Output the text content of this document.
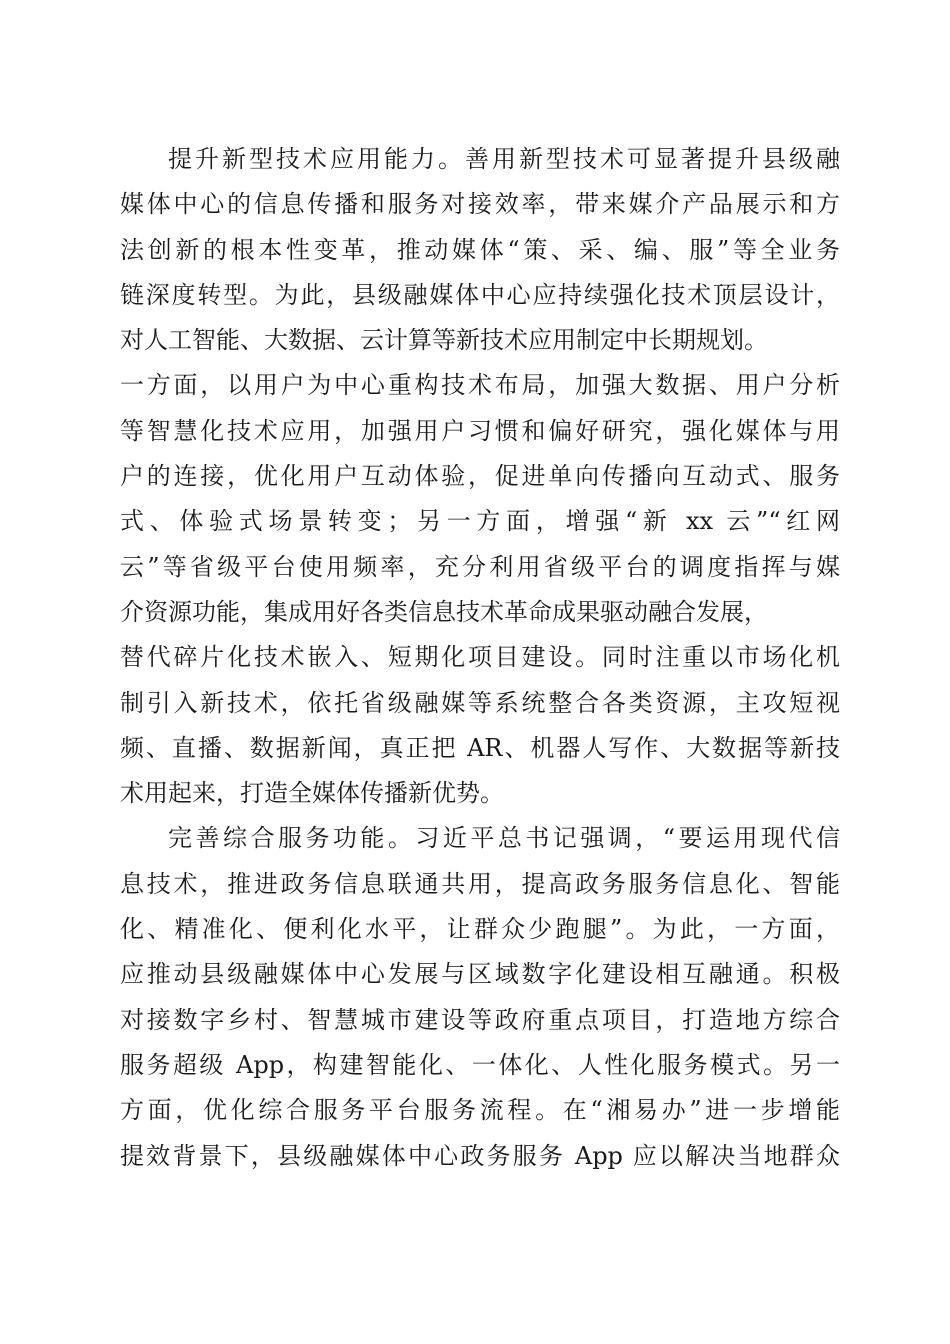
提升新型技术应用能力。善用新型技术可显著提升县级融
媒体中心的信息传播和服务对接效率，带来媒介产品展示和方
法创新的根本性变革，推动媒体“策、采、编、服”等全业务
链深度转型。为此，县级融媒体中心应持续强化技术顶层设计，
对人工智能、大数据、云计算等新技术应用制定中长期规划。
一方面，以用户为中心重构技术布局，加强大数据、用户分析
等智慧化技术应用，加强用户习惯和偏好研究，强化媒体与用
户的连接，优化用户互动体验，促进单向传播向互动式、服务
式、体验式场景转变；另一方面，增强“新 xx 云”“红网
云”等省级平台使用频率，充分利用省级平台的调度指挥与媒
介资源功能，集成用好各类信息技术革命成果驱动融合发展，
替代碎片化技术嵌入、短期化项目建设。同时注重以市场化机
制引入新技术，依托省级融媒等系统整合各类资源，主攻短视
频、直播、数据新闻，真正把 AR、机器人写作、大数据等新技
术用起来，打造全媒体传播新优势。
完善综合服务功能。习近平总书记强调，“要运用现代信
息技术，推进政务信息联通共用，提高政务服务信息化、智能
化、精准化、便利化水平，让群众少跑腿”。为此，一方面，
应推动县级融媒体中心发展与区域数字化建设相互融通。积极
对接数字乡村、智慧城市建设等政府重点项目，打造地方综合
服务超级 App，构建智能化、一体化、人性化服务模式。另一
方面，优化综合服务平台服务流程。在“湘易办”进一步增能
提效背景下，县级融媒体中心政务服务 App 应以解决当地群众
